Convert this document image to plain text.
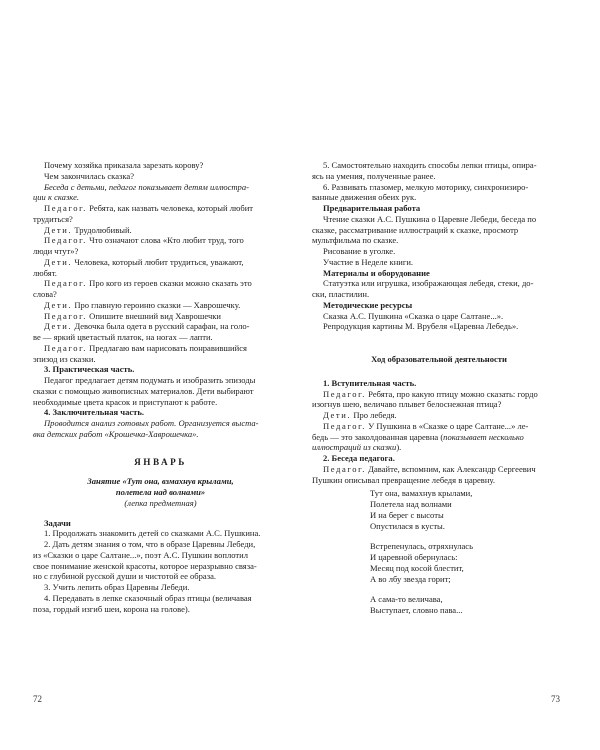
Почему хозяйка приказала зарезать корову?

Чем закончилась сказка?

Беседа с детьми, педагог показывает детям иллюстра-

ции к сказке.

Педагог. Ребята, как назвать человека, который любит

трудиться?

Дети. Трудолюбивый.

Педагог. Что означают слова «Кто любит труд, того

люди чтут»?

Дети. Человека, который любит трудиться, уважают,

любят.

Педагог. Про кого из героев сказки можно сказать это

слова?

Дети. Про главную героиню сказки — Хаврошечку.

Педагог. Опишите внешний вид Хаврошечки

Дети. Девочка была одета в русский сарафан, на голо-

ве — яркий цветастый платок, на ногах — лапти.

Педагог. Предлагаю вам нарисовать понравившийся

эпизод из сказки.

3. Практическая часть.

Педагог предлагает детям подумать и изобразить эпизоды

сказки с помощью живописных материалов. Дети выбирают

необходимые цвета красок и приступают к работе.

4. Заключительная часть.

Проводится анализ готовых работ. Организуется выста-

вка детских работ «Крошечка-Хаврошечка».

ЯНВАРЬ

Занятие «Тут она, взмахнув крылами,

полетела над волнами»

(лепка предметная)

Задачи

1. Продолжать знакомить детей со сказками А.С. Пушкина.

2. Дать детям знания о том, что в образе Царевны Лебеди,

из «Сказки о царе Салтане...», поэт А.С. Пушкин воплотил

свое понимание женской красоты, которое неразрывно связа-

но с глубиной русской души и чистотой ее образа.

3. Учить лепить образ Царевны Лебеди.

4. Передавать в лепке сказочный образ птицы (величавая

поза, гордый изгиб шеи, корона на голове).

5. Самостоятельно находить способы лепки птицы, опира-

ясь на умения, полученные ранее.

6. Развивать глазомер, мелкую моторику, синхронизиро-

ванные движения обеих рук.

Предварительная работа

Чтение сказки А.С. Пушкина о Царевне Лебеди, беседа по

сказке, рассматривание иллюстраций к сказке, просмотр

мультфильма по сказке.

Рисование в уголке.

Участие в Неделе книги.

Материалы и оборудование

Статуэтка или игрушка, изображающая лебедя, стеки, до-

ски, пластилин.

Методические ресурсы

Сказка А.С. Пушкина «Сказка о царе Салтане...».

Репродукция картины М. Врубеля «Царевна Лебедь».

Ход образовательной деятельности

1. Вступительная часть.

Педагог. Ребята, про какую птицу можно сказать: гордо

изогнув шею, величаво плывет белоснежная птица?

Дети. Про лебедя.

Педагог. У Пушкина в «Сказке о царе Салтане...» ле-

бедь — это заколдованная царевна (показывает несколько

иллюстраций из сказки).

2. Беседа педагога.

Педагог. Давайте, вспомним, как Александр Сергеевич

Пушкин описывал превращение лебедя в царевну.

Тут она, вамахнув крылами,

Полетела над волнами

И на берег с высоты

Опустилася в кусты.

Встрепенулась, отряхнулась

И царевной обернулась:

Месяц под косой блестит,

А во лбу звезда горит;

А сама-то величава,

Выступает, словно пава...

72	73
